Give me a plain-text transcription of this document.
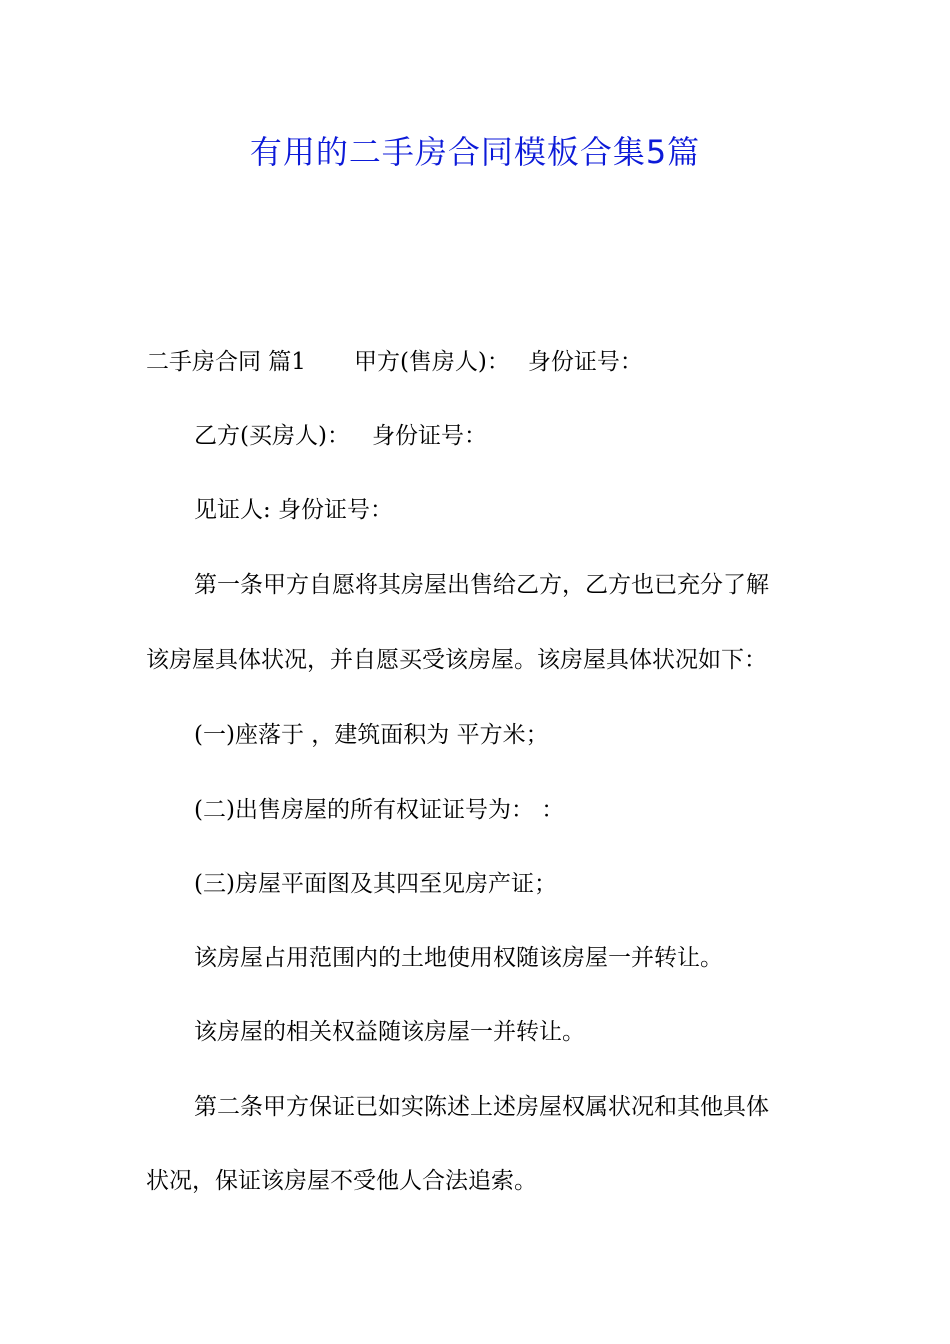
有用的二手房合同模板合集5篇
二手房合同 篇1 甲方(售房人)： 身份证号：
乙方(买房人)： 身份证号：
见证人: 身份证号：
第一条甲方自愿将其房屋出售给乙方，乙方也已充分了解
该房屋具体状况，并自愿买受该房屋。该房屋具体状况如下：
(一)座落于 ，建筑面积为 平方米；
(二)出售房屋的所有权证证号为： ：
(三)房屋平面图及其四至见房产证；
该房屋占用范围内的土地使用权随该房屋一并转让。
该房屋的相关权益随该房屋一并转让。
第二条甲方保证已如实陈述上述房屋权属状况和其他具体
状况，保证该房屋不受他人合法追索。
